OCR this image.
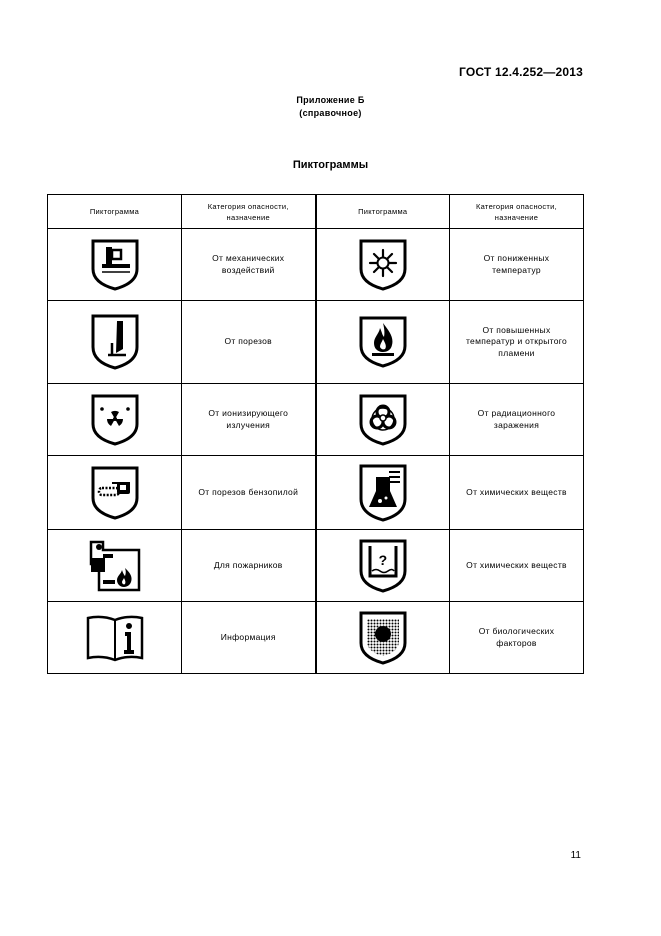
ГОСТ 12.4.252—2013
Приложение Б
(справочное)
Пиктограммы
Пиктограмма	Категория опасности, назначение	Пиктограмма	Категория опасности, назначение

	От механических воздействий		От пониженных температур

	От порезов		От повышенных температур и открытого пламени

	От ионизирующего излучения		От радиационного заражения

	От порезов бензопилой		От химических веществ

	Для пожарников	?	От химических веществ

	Информация		От биологических факторов
11
